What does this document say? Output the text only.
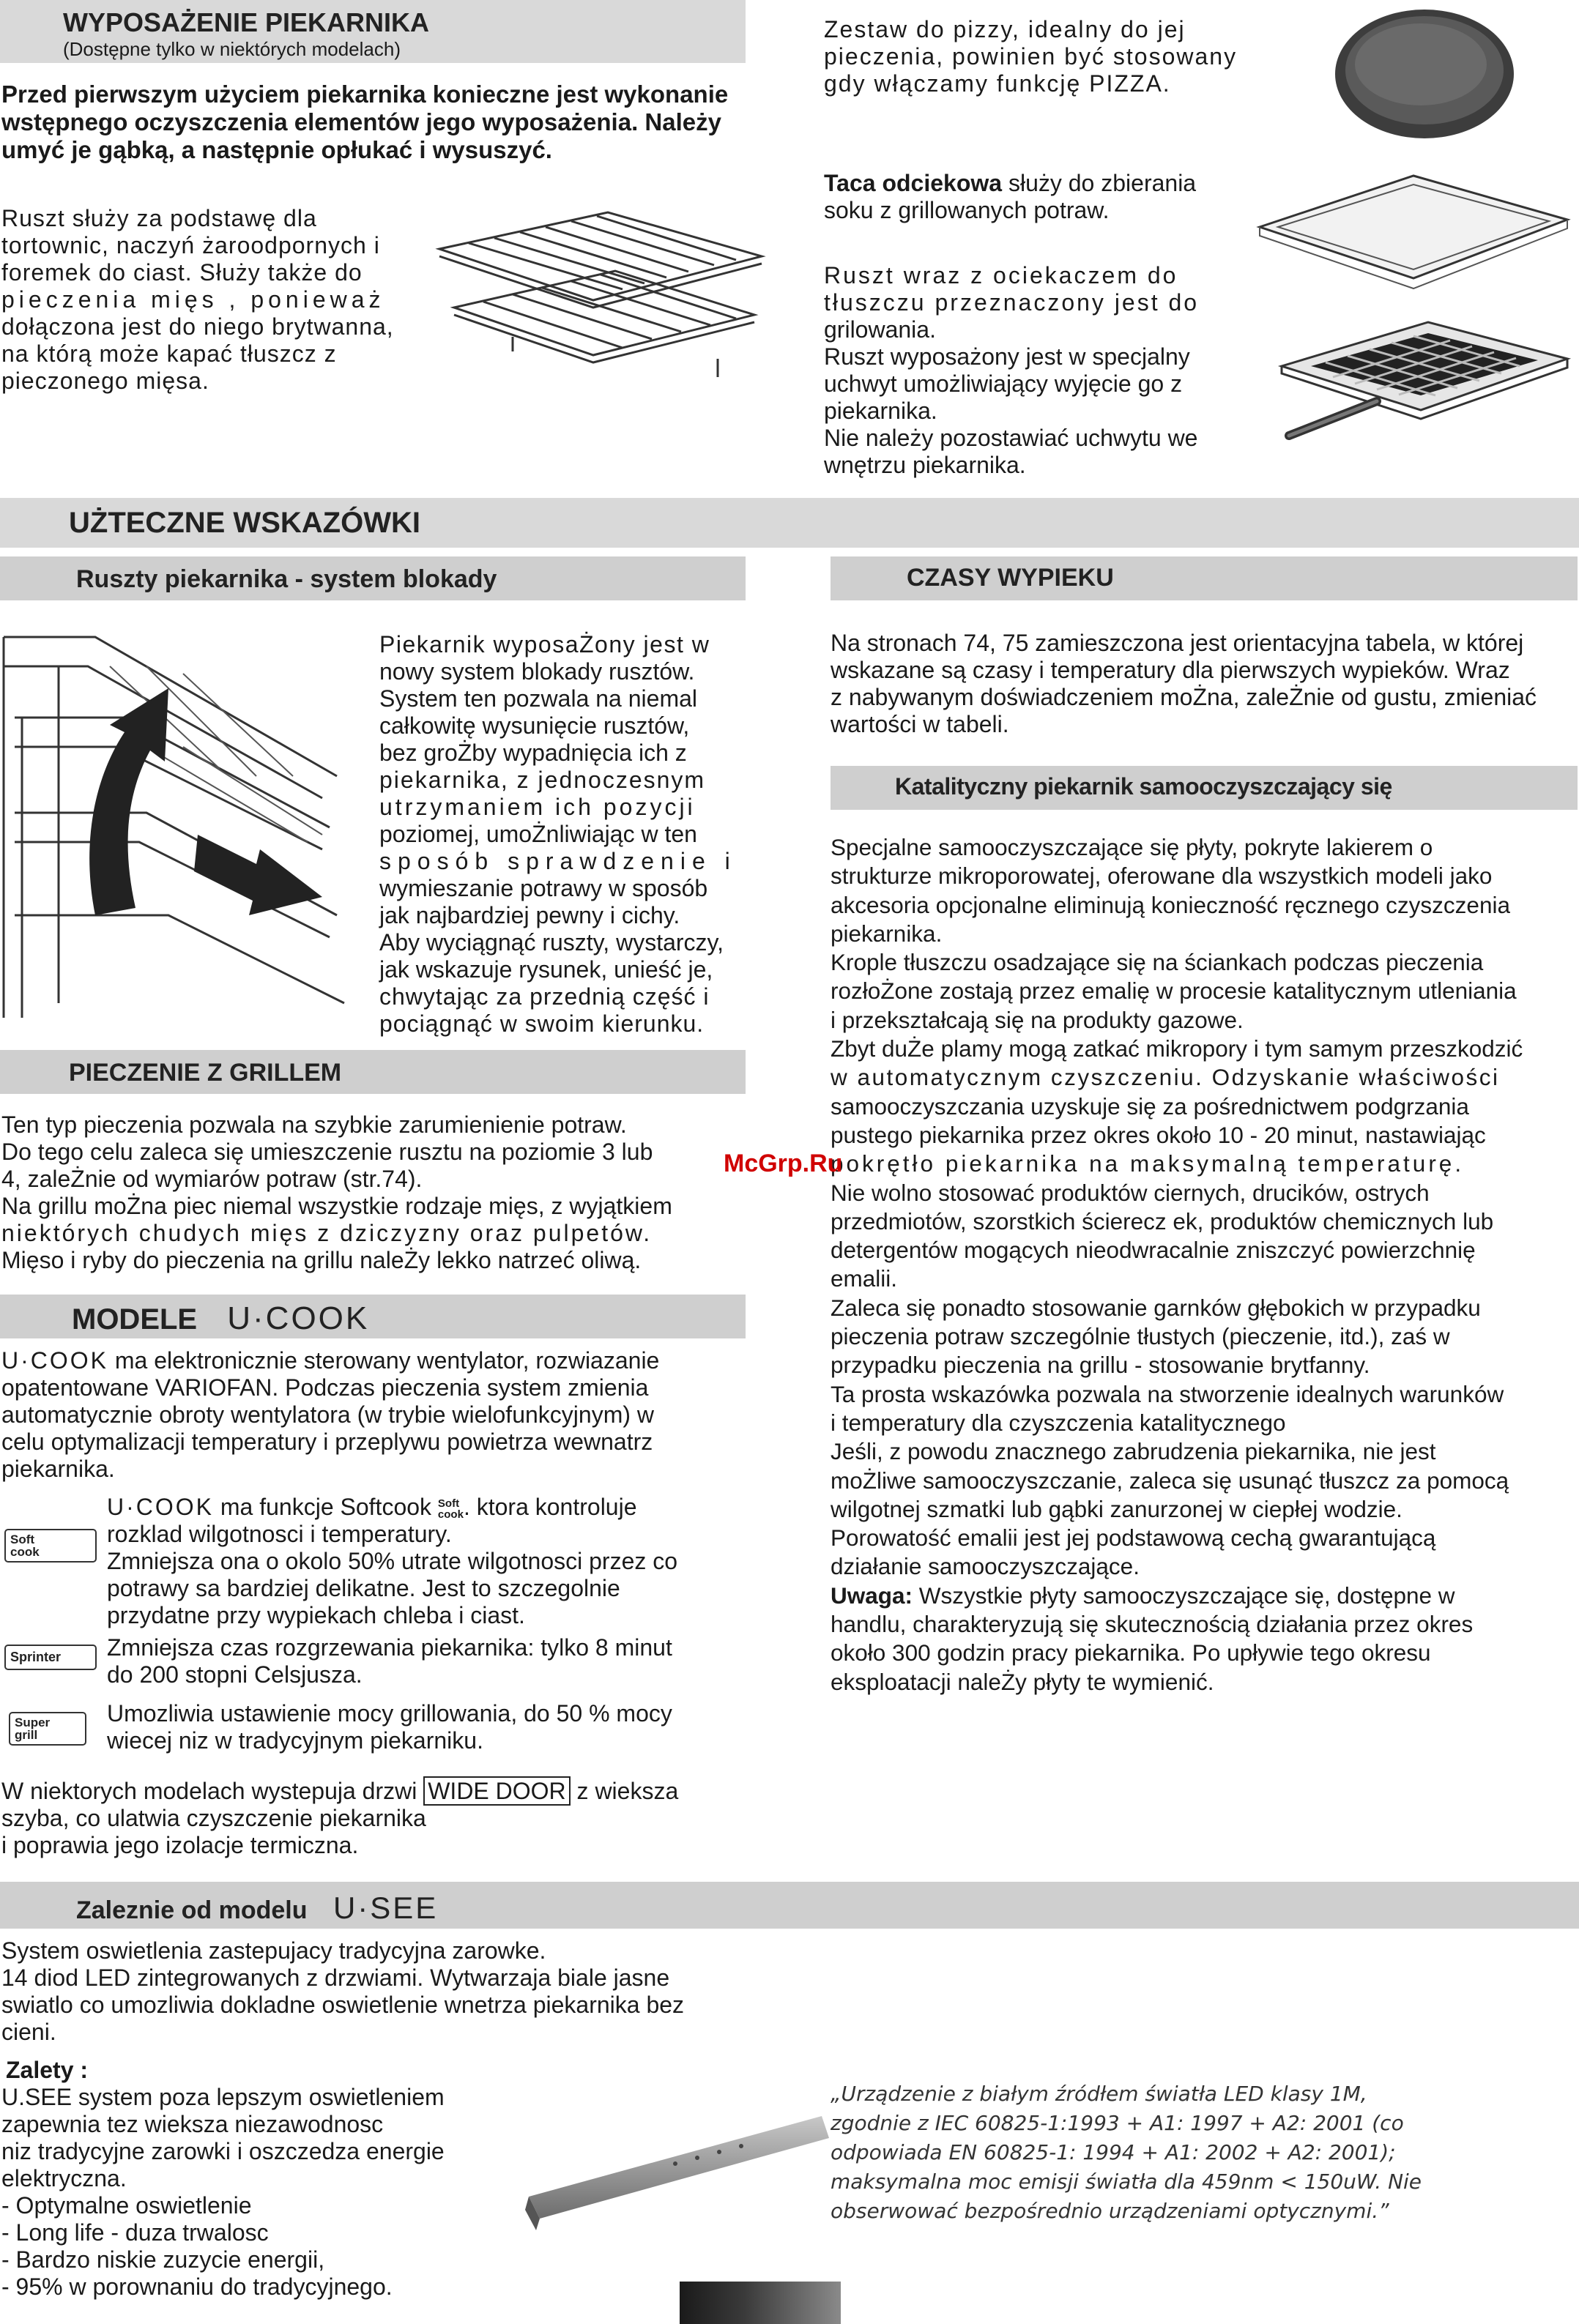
WYPOSAŻENIE PIEKARNIKA
(Dostępne tylko w niektórych modelach)
Przed pierwszym użyciem piekarnika konieczne jest wykonanie
wstępnego oczyszczenia elementów jego wyposażenia. Należy
umyć je gąbką, a następnie opłukać i wysuszyć.
Ruszt służy za podstawę dla
tortownic, naczyń żaroodpornych i
foremek do ciast. Służy także do
pieczenia mięs , ponieważ
dołączona jest do niego brytwanna,
na którą może kapać tłuszcz z
pieczonego mięsa.
Zestaw do pizzy, idealny do jej
pieczenia, powinien być stosowany
gdy włączamy funkcję PIZZA.
Taca odciekowa służy do zbierania
soku z grillowanych potraw.
Ruszt wraz z ociekaczem do
tłuszczu przeznaczony jest do
grilowania.
Ruszt wyposażony jest w specjalny
uchwyt umożliwiający wyjęcie go z
piekarnika.
Nie należy pozostawiać uchwytu we
wnętrzu piekarnika.
UŻTECZNE WSKAZÓWKI
Ruszty piekarnika - system blokady
Piekarnik wyposaŻony jest w
nowy system blokady rusztów.
System ten pozwala na niemal
całkowitę wysunięcie rusztów,
bez groŻby wypadnięcia ich z
piekarnika, z jednoczesnym
utrzymaniem ich pozycji
poziomej, umoŻnliwiając w ten
sposób sprawdzenie i
wymieszanie potrawy w sposób
jak najbardziej pewny i cichy.
Aby wyciągnąć ruszty, wystarczy,
jak wskazuje rysunek, unieść je,
chwytając za przednią część i
pociągnąć w swoim kierunku.
PIECZENIE Z GRILLEM
Ten typ pieczenia pozwala na szybkie zarumienienie potraw.
Do tego celu zaleca się umieszczenie rusztu na poziomie 3 lub
4, zaleŻnie od wymiarów potraw (str.74).
Na grillu moŻna piec niemal wszystkie rodzaje mięs, z wyjątkiem
niektórych chudych mięs z dziczyzny oraz pulpetów.
Mięso i ryby do pieczenia na grillu naleŻy lekko natrzeć oliwą.
MODELE U·COOK
U·COOK ma elektronicznie sterowany wentylator, rozwiazanie
opatentowane VARIOFAN. Podczas pieczenia system zmienia
automatycznie obroty wentylatora (w trybie wielofunkcyjnym) w
celu optymalizacji temperatury i przeplywu powietrza wewnatrz
piekarnika.
Soft
cook
U·COOK ma funkcje Softcook Soft
cook. ktora kontroluje
rozklad wilgotnosci i temperatury.
Zmniejsza ona o okolo 50% utrate wilgotnosci przez co
potrawy sa bardziej delikatne. Jest to szczegolnie
przydatne przy wypiekach chleba i ciast.
Sprinter	Zmniejsza czas rozgrzewania piekarnika: tylko 8 minut
do 200 stopni Celsjusza.
Super
grill
Umozliwia ustawienie mocy grillowania, do 50 % mocy
wiecej niz w tradycyjnym piekarniku.
W niektorych modelach wystepuja drzwi WIDE DOOR z wieksza
szyba, co ulatwia czyszczenie piekarnika
i poprawia jego izolacje termiczna.
Zaleznie od modelu U·SEE
System oswietlenia zastepujacy tradycyjna zarowke.
14 diod LED zintegrowanych z drzwiami. Wytwarzaja biale jasne
swiatlo co umozliwia dokladne oswietlenie wnetrza piekarnika bez
cieni.
Zalety :
U.SEE system poza lepszym oswietleniem
zapewnia tez wieksza niezawodnosc
niz tradycyjne zarowki i oszczedza energie
elektryczna.
- Optymalne oswietlenie
- Long life - duza trwalosc
- Bardzo niskie zuzycie energii,
- 95% w porownaniu do tradycyjnego.
„Urządzenie z białym źródłem światła LED klasy 1M,
zgodnie z IEC 60825-1:1993 + A1: 1997 + A2: 2001 (co
odpowiada EN 60825-1: 1994 + A1: 2002 + A2: 2001);
maksymalna moc emisji światła dla 459nm < 150uW. Nie
obserwować bezpośrednio urządzeniami optycznymi.”
CZASY WYPIEKU
Na stronach 74, 75 zamieszczona jest orientacyjna tabela, w której
wskazane są czasy i temperatury dla pierwszych wypieków. Wraz
z nabywanym doświadczeniem moŻna, zaleŻnie od gustu, zmieniać
wartości w tabeli.
Katalityczny piekarnik samooczyszczający się
Specjalne samooczyszczające się płyty, pokryte lakierem o
strukturze mikroporowatej, oferowane dla wszystkich modeli jako
akcesoria opcjonalne eliminują konieczność ręcznego czyszczenia
piekarnika.
Krople tłuszczu osadzające się na ściankach podczas pieczenia
rozłoŻone zostają przez emalię w procesie katalitycznym utleniania
i przekształcają się na produkty gazowe.
Zbyt duŻe plamy mogą zatkać mikropory i tym samym przeszkodzić
w automatycznym czyszczeniu. Odzyskanie właściwości
samooczyszczania uzyskuje się za pośrednictwem podgrzania
pustego piekarnika przez okres około 10 - 20 minut, nastawiając
pokrętło piekarnika na maksymalną temperaturę.
Nie wolno stosować produktów ciernych, drucików, ostrych
przedmiotów, szorstkich ścierecz ek, produktów chemicznych lub
detergentów mogących nieodwracalnie zniszczyć powierzchnię
emalii.
Zaleca się ponadto stosowanie garnków głębokich w przypadku
pieczenia potraw szczególnie tłustych (pieczenie, itd.), zaś w
przypadku pieczenia na grillu - stosowanie brytfanny.
Ta prosta wskazówka pozwala na stworzenie idealnych warunków
i temperatury dla czyszczenia katalitycznego
Jeśli, z powodu znacznego zabrudzenia piekarnika, nie jest
moŻliwe samooczyszczanie, zaleca się usunąć tłuszcz za pomocą
wilgotnej szmatki lub gąbki zanurzonej w ciepłej wodzie.
Porowatość emalii jest jej podstawową cechą gwarantującą
działanie samooczyszczające.
Uwaga: Wszystkie płyty samooczyszczające się, dostępne w
handlu, charakteryzują się skutecznością działania przez okres
około 300 godzin pracy piekarnika. Po upływie tego okresu
eksploatacji naleŻy płyty te wymienić.
McGrp.Ru
